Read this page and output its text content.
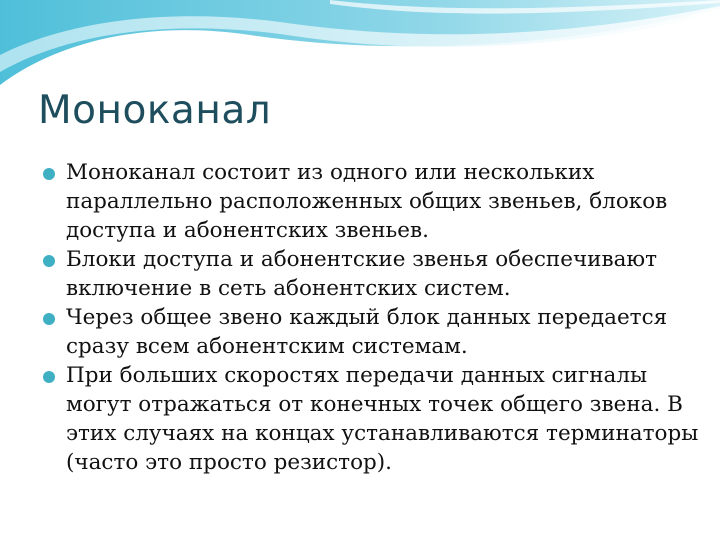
Моноканал
Моноканал состоит из одного или нескольких параллельно расположенных общих звеньев, блоков доступа и абонентских звеньев.
Блоки доступа и абонентские звенья обеспечивают включение в сеть абонентских систем.
Через общее звено каждый блок данных передается сразу всем абонентским системам.
При больших скоростях передачи данных сигналы могут отражаться от конечных точек общего звена. В этих случаях на концах устанавливаются терминаторы (часто это просто резистор).
